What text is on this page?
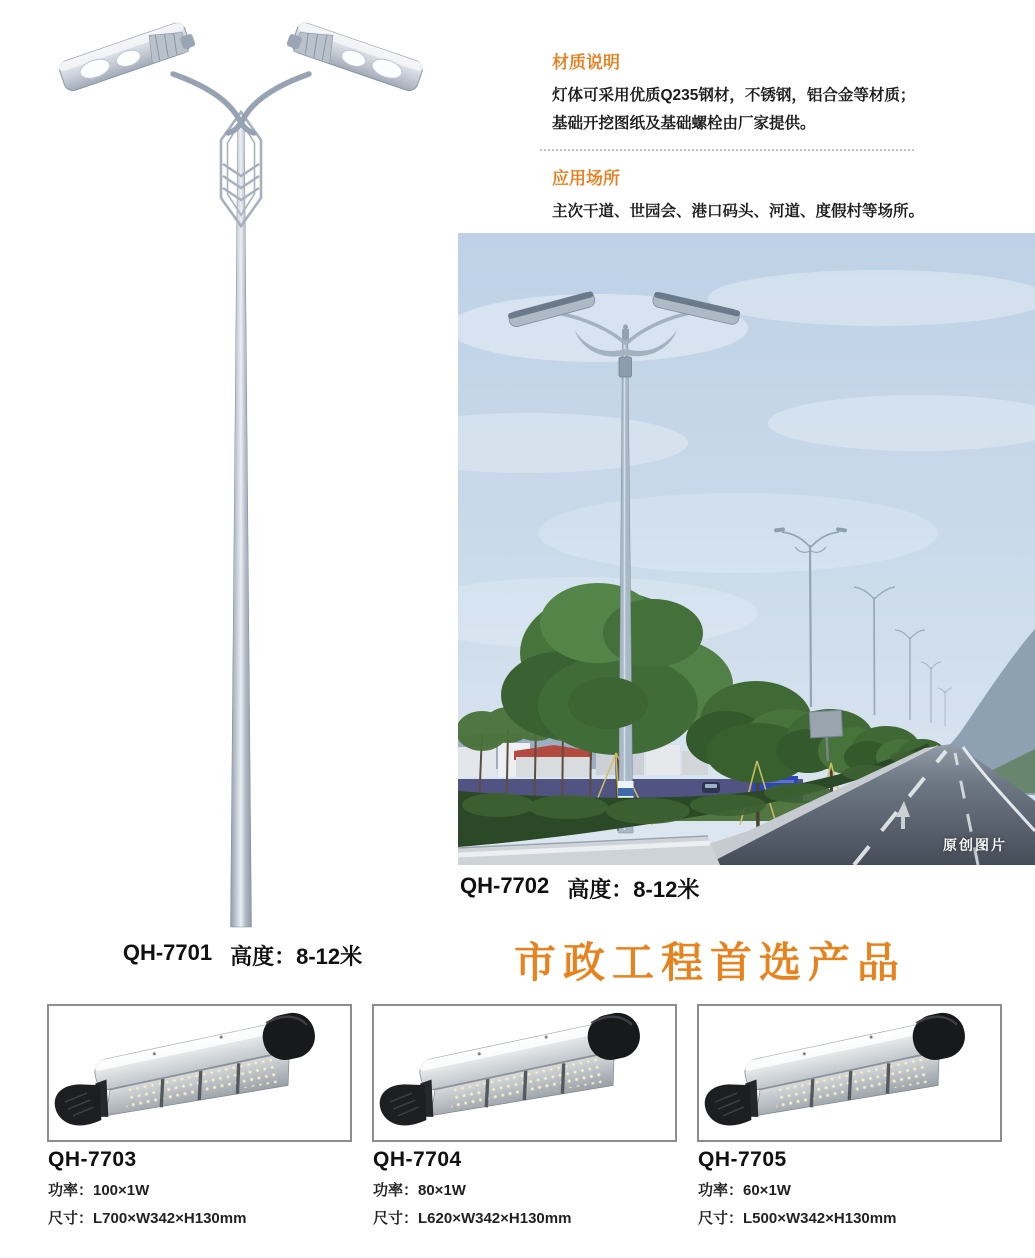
QH-7701 高度：8-12米
材质说明
灯体可采用优质Q235钢材，不锈钢，铝合金等材质；
基础开挖图纸及基础螺栓由厂家提供。
应用场所
主次干道、世园会、港口码头、河道、度假村等场所。
原创图片
QH-7702 高度：8-12米
市政工程首选产品
QH-7703
功率：100×1W
尺寸：L700×W342×H130mm
QH-7704
功率：80×1W
尺寸：L620×W342×H130mm
QH-7705
功率：60×1W
尺寸：L500×W342×H130mm
